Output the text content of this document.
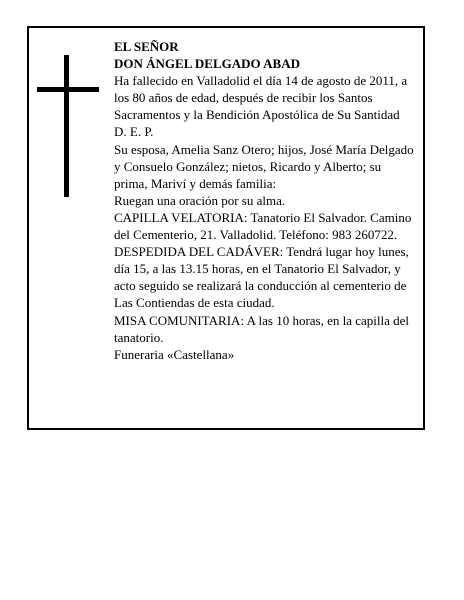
EL SEÑOR

DON ÁNGEL DELGADO ABAD

Ha fallecido en Valladolid el día 14 de agosto de 2011, a los 80 años de edad, después de recibir los Santos Sacramentos y la Bendición Apostólica de Su Santidad D. E. P.

Su esposa, Amelia Sanz Otero; hijos, José María Delgado y Consuelo González; nietos, Ricardo y Alberto; su prima, Mariví y demás familia:

Ruegan una oración por su alma.

CAPILLA VELATORIA: Tanatorio El Salvador. Camino del Cementerio, 21. Valladolid. Teléfono: 983 260722.

DESPEDIDA DEL CADÁVER: Tendrá lugar hoy lunes, día 15, a las 13.15 horas, en el Tanatorio El Salvador, y acto seguido se realizará la conducción al cementerio de Las Contiendas de esta ciudad.

MISA COMUNITARIA: A las 10 horas, en la capilla del tanatorio.

Funeraria «Castellana»
